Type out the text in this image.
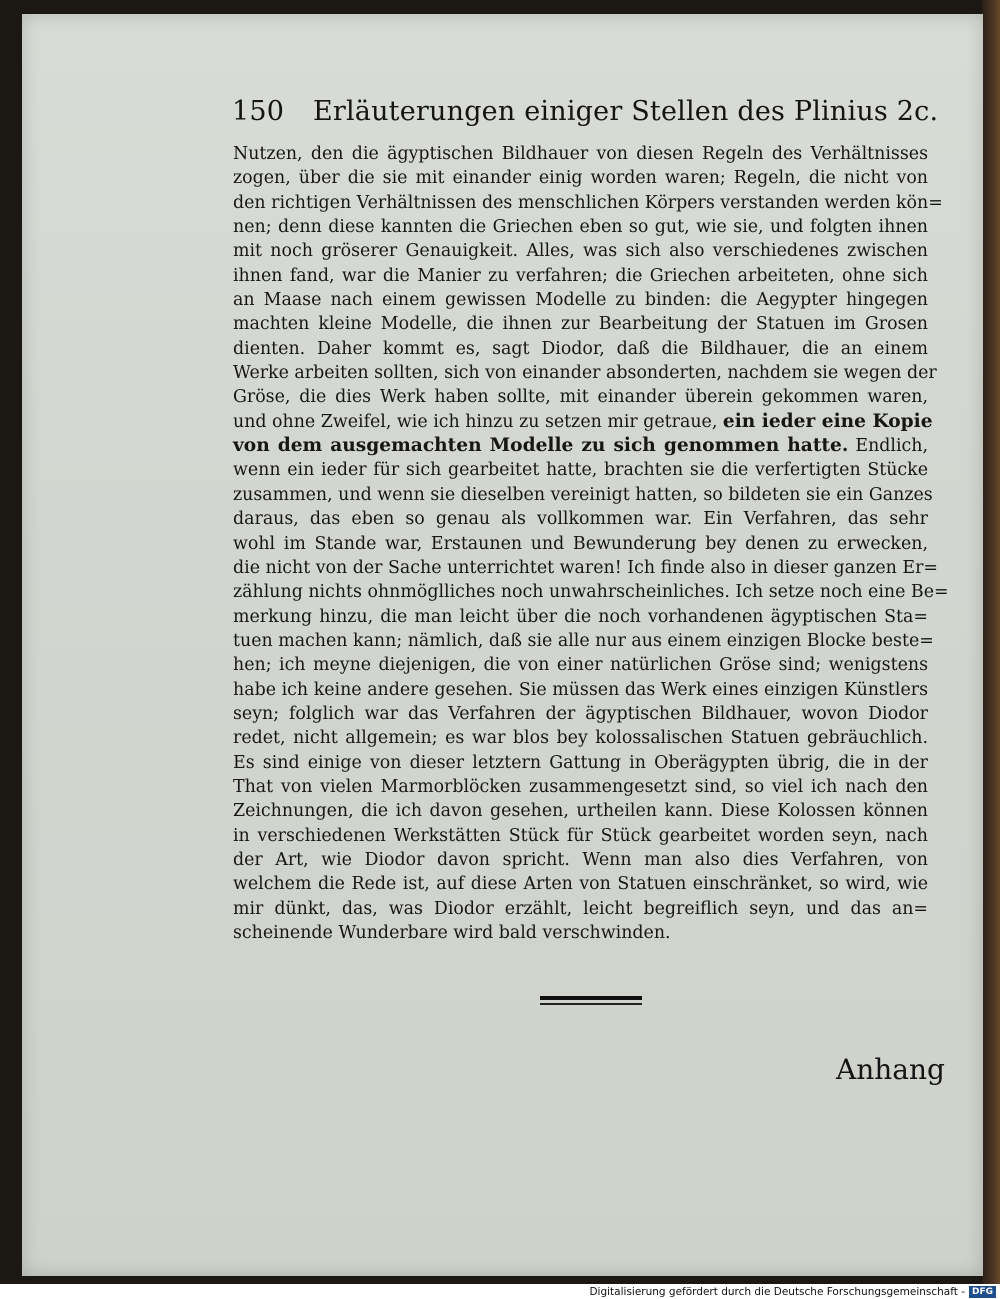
150 Erläuterungen einiger Stellen des Plinius 2c.
Nutzen, den die ägyptischen Bildhauer von diesen Regeln des Verhältnisses
zogen, über die sie mit einander einig worden waren; Regeln, die nicht von
den richtigen Verhältnissen des menschlichen Körpers verstanden werden kön=
nen; denn diese kannten die Griechen eben so gut, wie sie, und folgten ihnen
mit noch gröserer Genauigkeit. Alles, was sich also verschiedenes zwischen
ihnen fand, war die Manier zu verfahren; die Griechen arbeiteten, ohne sich
an Maase nach einem gewissen Modelle zu binden: die Aegypter hingegen
machten kleine Modelle, die ihnen zur Bearbeitung der Statuen im Grosen
dienten. Daher kommt es, sagt Diodor, daß die Bildhauer, die an einem
Werke arbeiten sollten, sich von einander absonderten, nachdem sie wegen der
Gröse, die dies Werk haben sollte, mit einander überein gekommen waren,
und ohne Zweifel, wie ich hinzu zu setzen mir getraue, ein ieder eine Kopie
von dem ausgemachten Modelle zu sich genommen hatte. Endlich,
wenn ein ieder für sich gearbeitet hatte, brachten sie die verfertigten Stücke
zusammen, und wenn sie dieselben vereinigt hatten, so bildeten sie ein Ganzes
daraus, das eben so genau als vollkommen war. Ein Verfahren, das sehr
wohl im Stande war, Erstaunen und Bewunderung bey denen zu erwecken,
die nicht von der Sache unterrichtet waren! Ich finde also in dieser ganzen Er=
zählung nichts ohnmöglliches noch unwahrscheinliches. Ich setze noch eine Be=
merkung hinzu, die man leicht über die noch vorhandenen ägyptischen Sta=
tuen machen kann; nämlich, daß sie alle nur aus einem einzigen Blocke beste=
hen; ich meyne diejenigen, die von einer natürlichen Gröse sind; wenigstens
habe ich keine andere gesehen. Sie müssen das Werk eines einzigen Künstlers
seyn; folglich war das Verfahren der ägyptischen Bildhauer, wovon Diodor
redet, nicht allgemein; es war blos bey kolossalischen Statuen gebräuchlich.
Es sind einige von dieser letztern Gattung in Oberägypten übrig, die in der
That von vielen Marmorblöcken zusammengesetzt sind, so viel ich nach den
Zeichnungen, die ich davon gesehen, urtheilen kann. Diese Kolossen können
in verschiedenen Werkstätten Stück für Stück gearbeitet worden seyn, nach
der Art, wie Diodor davon spricht. Wenn man also dies Verfahren, von
welchem die Rede ist, auf diese Arten von Statuen einschränket, so wird, wie
mir dünkt, das, was Diodor erzählt, leicht begreiflich seyn, und das an=
scheinende Wunderbare wird bald verschwinden.
Anhang
Digitalisierung gefördert durch die Deutsche Forschungsgemeinschaft - DFG
